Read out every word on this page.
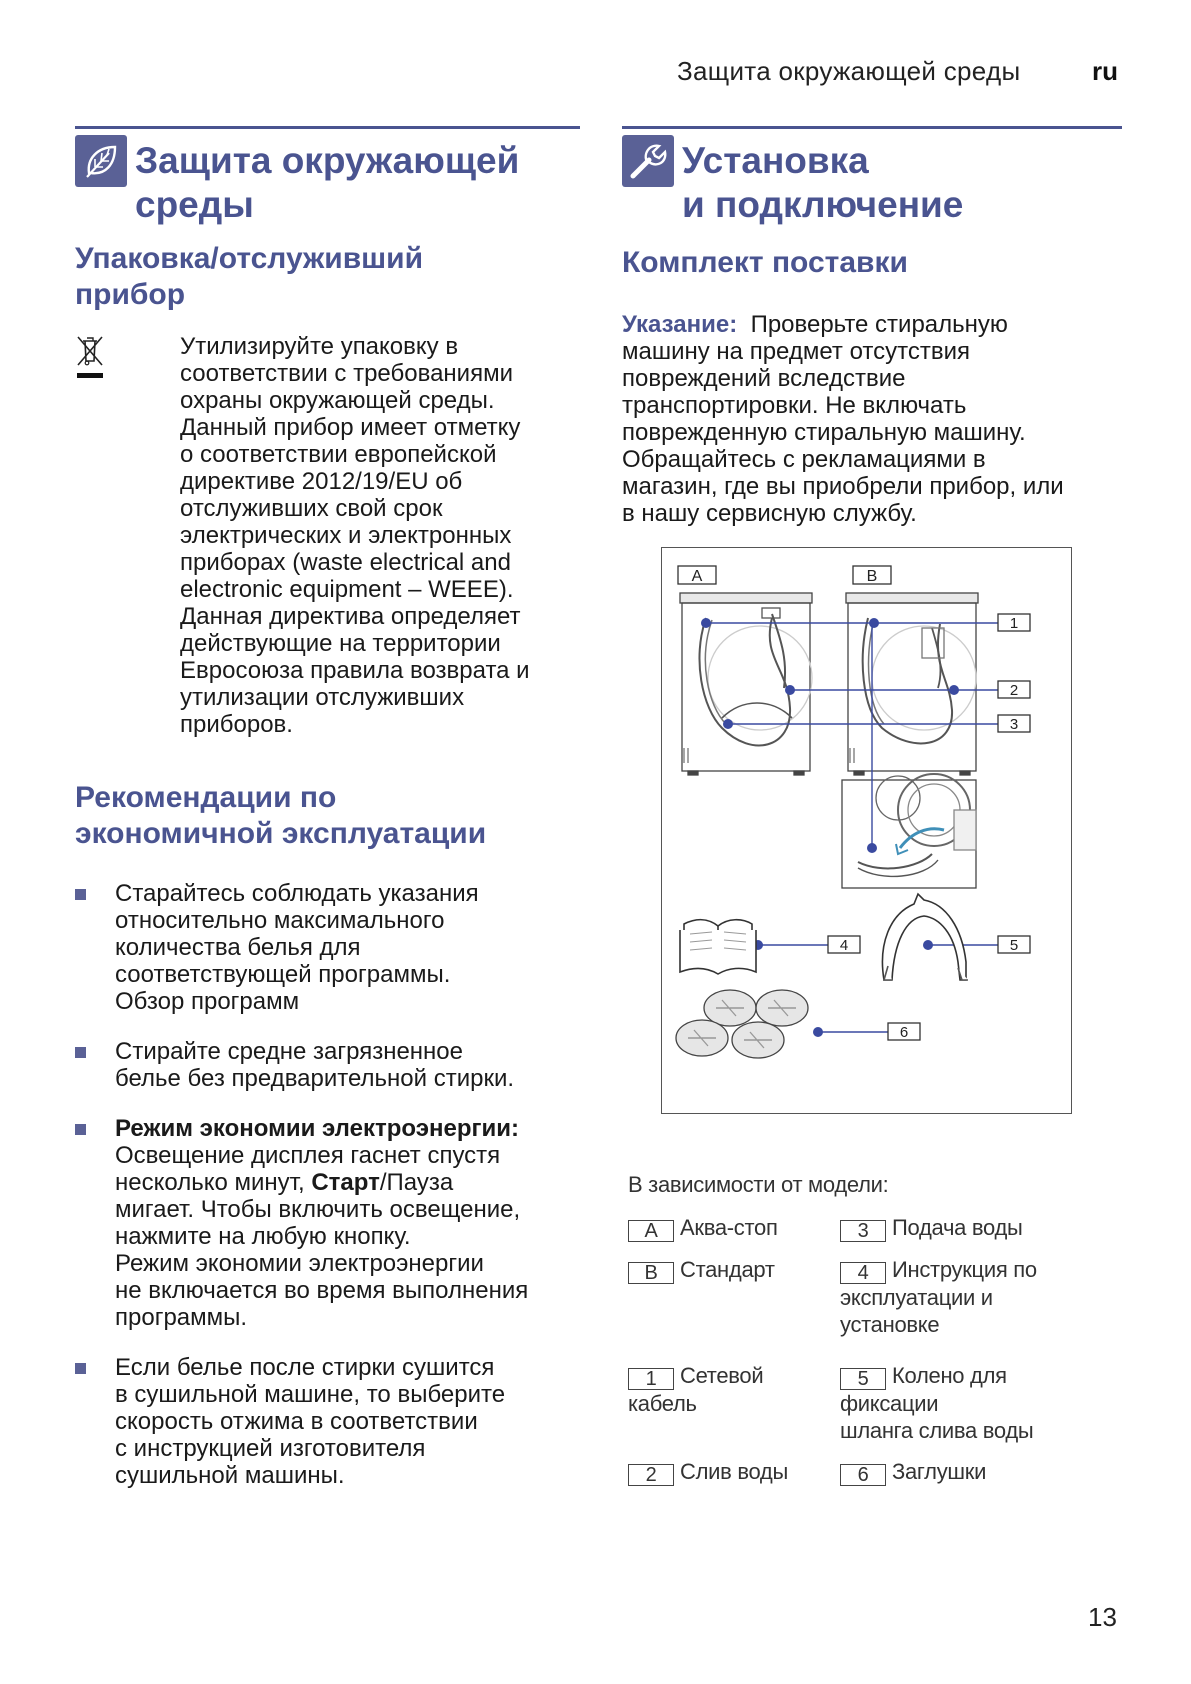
Защита окружающей среды	ru
Защита окружающей
среды
Упаковка/отслуживший
прибор
Утилизируйте упаковку в
соответствии с требованиями
охраны окружающей среды.
Данный прибор имеет отметку
о соответствии европейской
директиве 2012/19/EU об
отслуживших свой срок
электрических и электронных
приборах (waste electrical and
electronic equipment – WEEE).
Данная директива определяет
действующие на территории
Евросоюза правила возврата и
утилизации отслуживших
приборов.
Рекомендации по
экономичной эксплуатации
Старайтесь соблюдать указания
относительно максимального
количества белья для
соответствующей программы.
Обзор программ
Стирайте средне загрязненное
белье без предварительной стирки.
Режим экономии электроэнергии:
Освещение дисплея гаснет спустя
несколько минут, Старт/Пауза
мигает. Чтобы включить освещение,
нажмите на любую кнопку.
Режим экономии электроэнергии
не включается во время выполнения
программы.
Если белье после стирки сушится
в сушильной машине, то выберите
скорость отжима в соответствии
с инструкцией изготовителя
сушильной машины.
Установка
и подключение
Комплект поставки
Указание: Проверьте стиральную
машину на предмет отсутствия
повреждений вследствие
транспортировки. Не включать
поврежденную стиральную машину.
Обращайтесь с рекламациями в
магазин, где вы приобрели прибор, или
в нашу сервисную службу.
A	B
1
2
3
4	5
6
В зависимости от модели:
A Аква-стоп	3 Подача воды
B Стандарт	4 Инструкция по
эксплуатации и установке
1 Сетевой
кабель
5 Колено для фиксации
шланга слива воды
2 Слив воды	6 Заглушки
13
